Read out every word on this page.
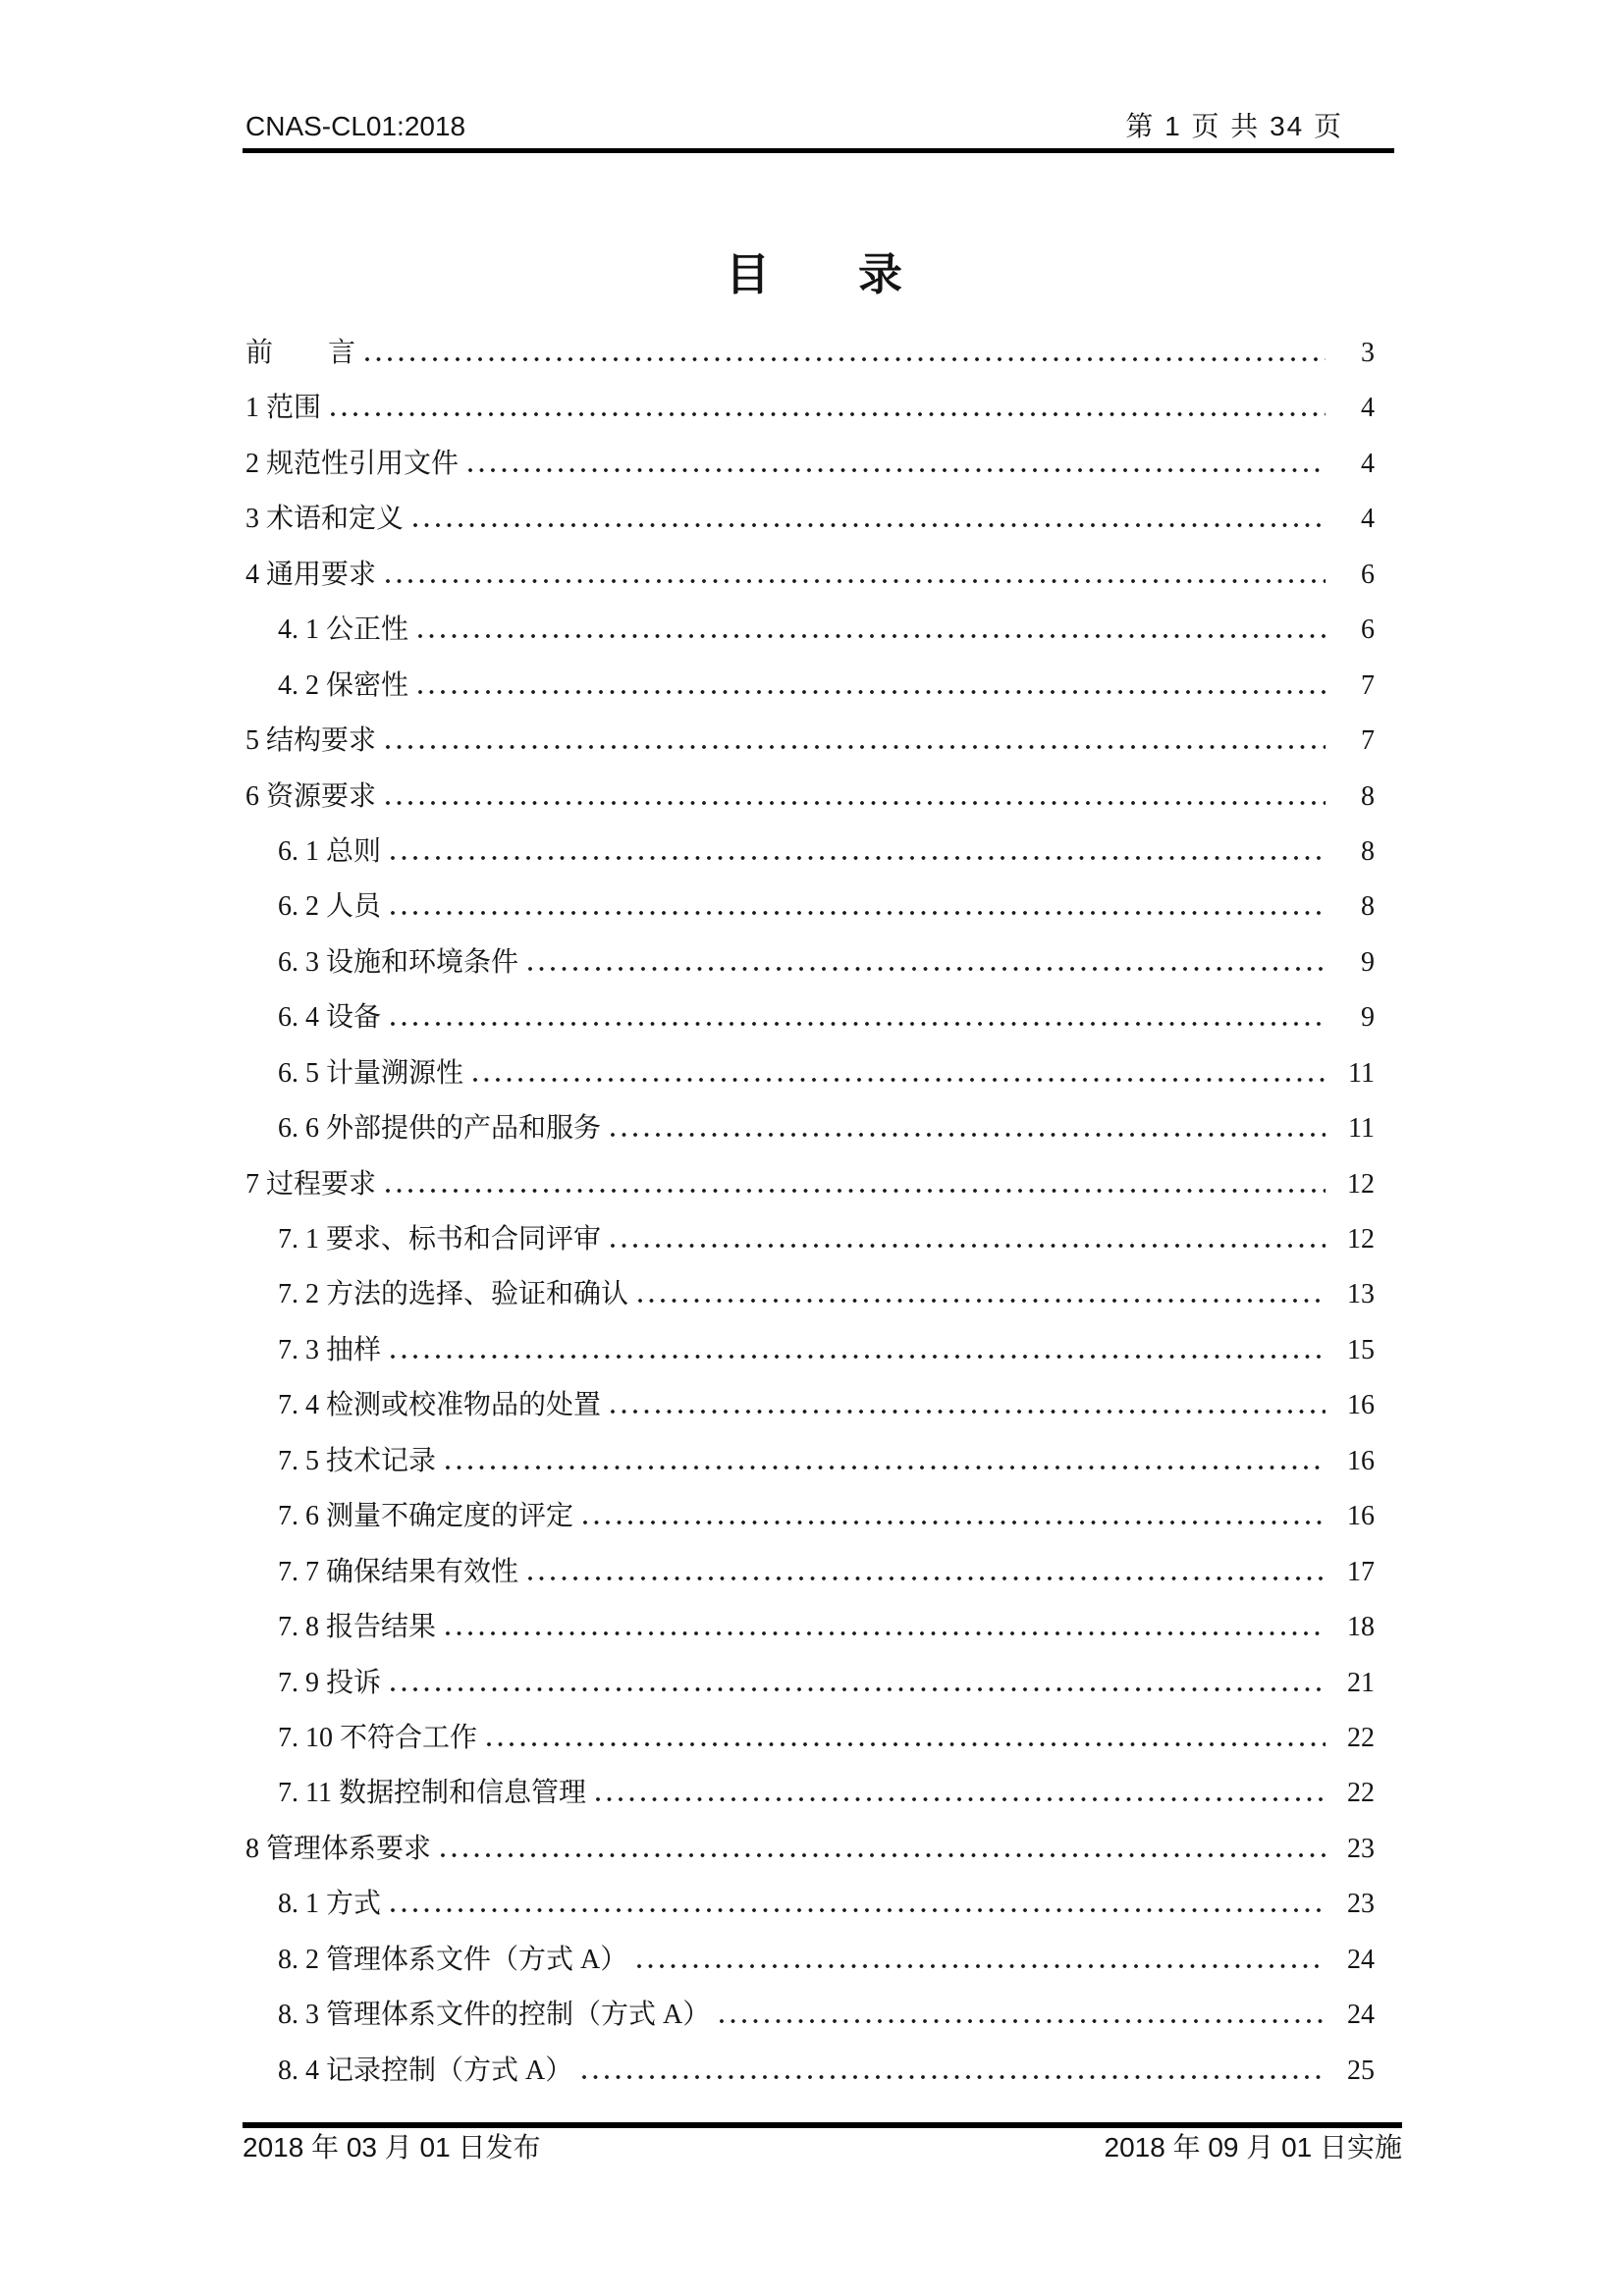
CNAS-CL01:2018	第 1 页 共 34 页
目　　录
前　　言	3
1 范围	4
2 规范性引用文件	4
3 术语和定义	4
4 通用要求	6
4. 1 公正性	6
4. 2 保密性	7
5 结构要求	7
6 资源要求	8
6. 1 总则	8
6. 2 人员	8
6. 3 设施和环境条件	9
6. 4 设备	9
6. 5 计量溯源性	11
6. 6 外部提供的产品和服务	11
7 过程要求	12
7. 1 要求、标书和合同评审	12
7. 2 方法的选择、验证和确认	13
7. 3 抽样	15
7. 4 检测或校准物品的处置	16
7. 5 技术记录	16
7. 6 测量不确定度的评定	16
7. 7 确保结果有效性	17
7. 8 报告结果	18
7. 9 投诉	21
7. 10 不符合工作	22
7. 11 数据控制和信息管理	22
8 管理体系要求	23
8. 1 方式	23
8. 2 管理体系文件（方式 A）	24
8. 3 管理体系文件的控制（方式 A）	24
8. 4 记录控制（方式 A）	25
2018 年 03 月 01 日发布	2018 年 09 月 01 日实施
